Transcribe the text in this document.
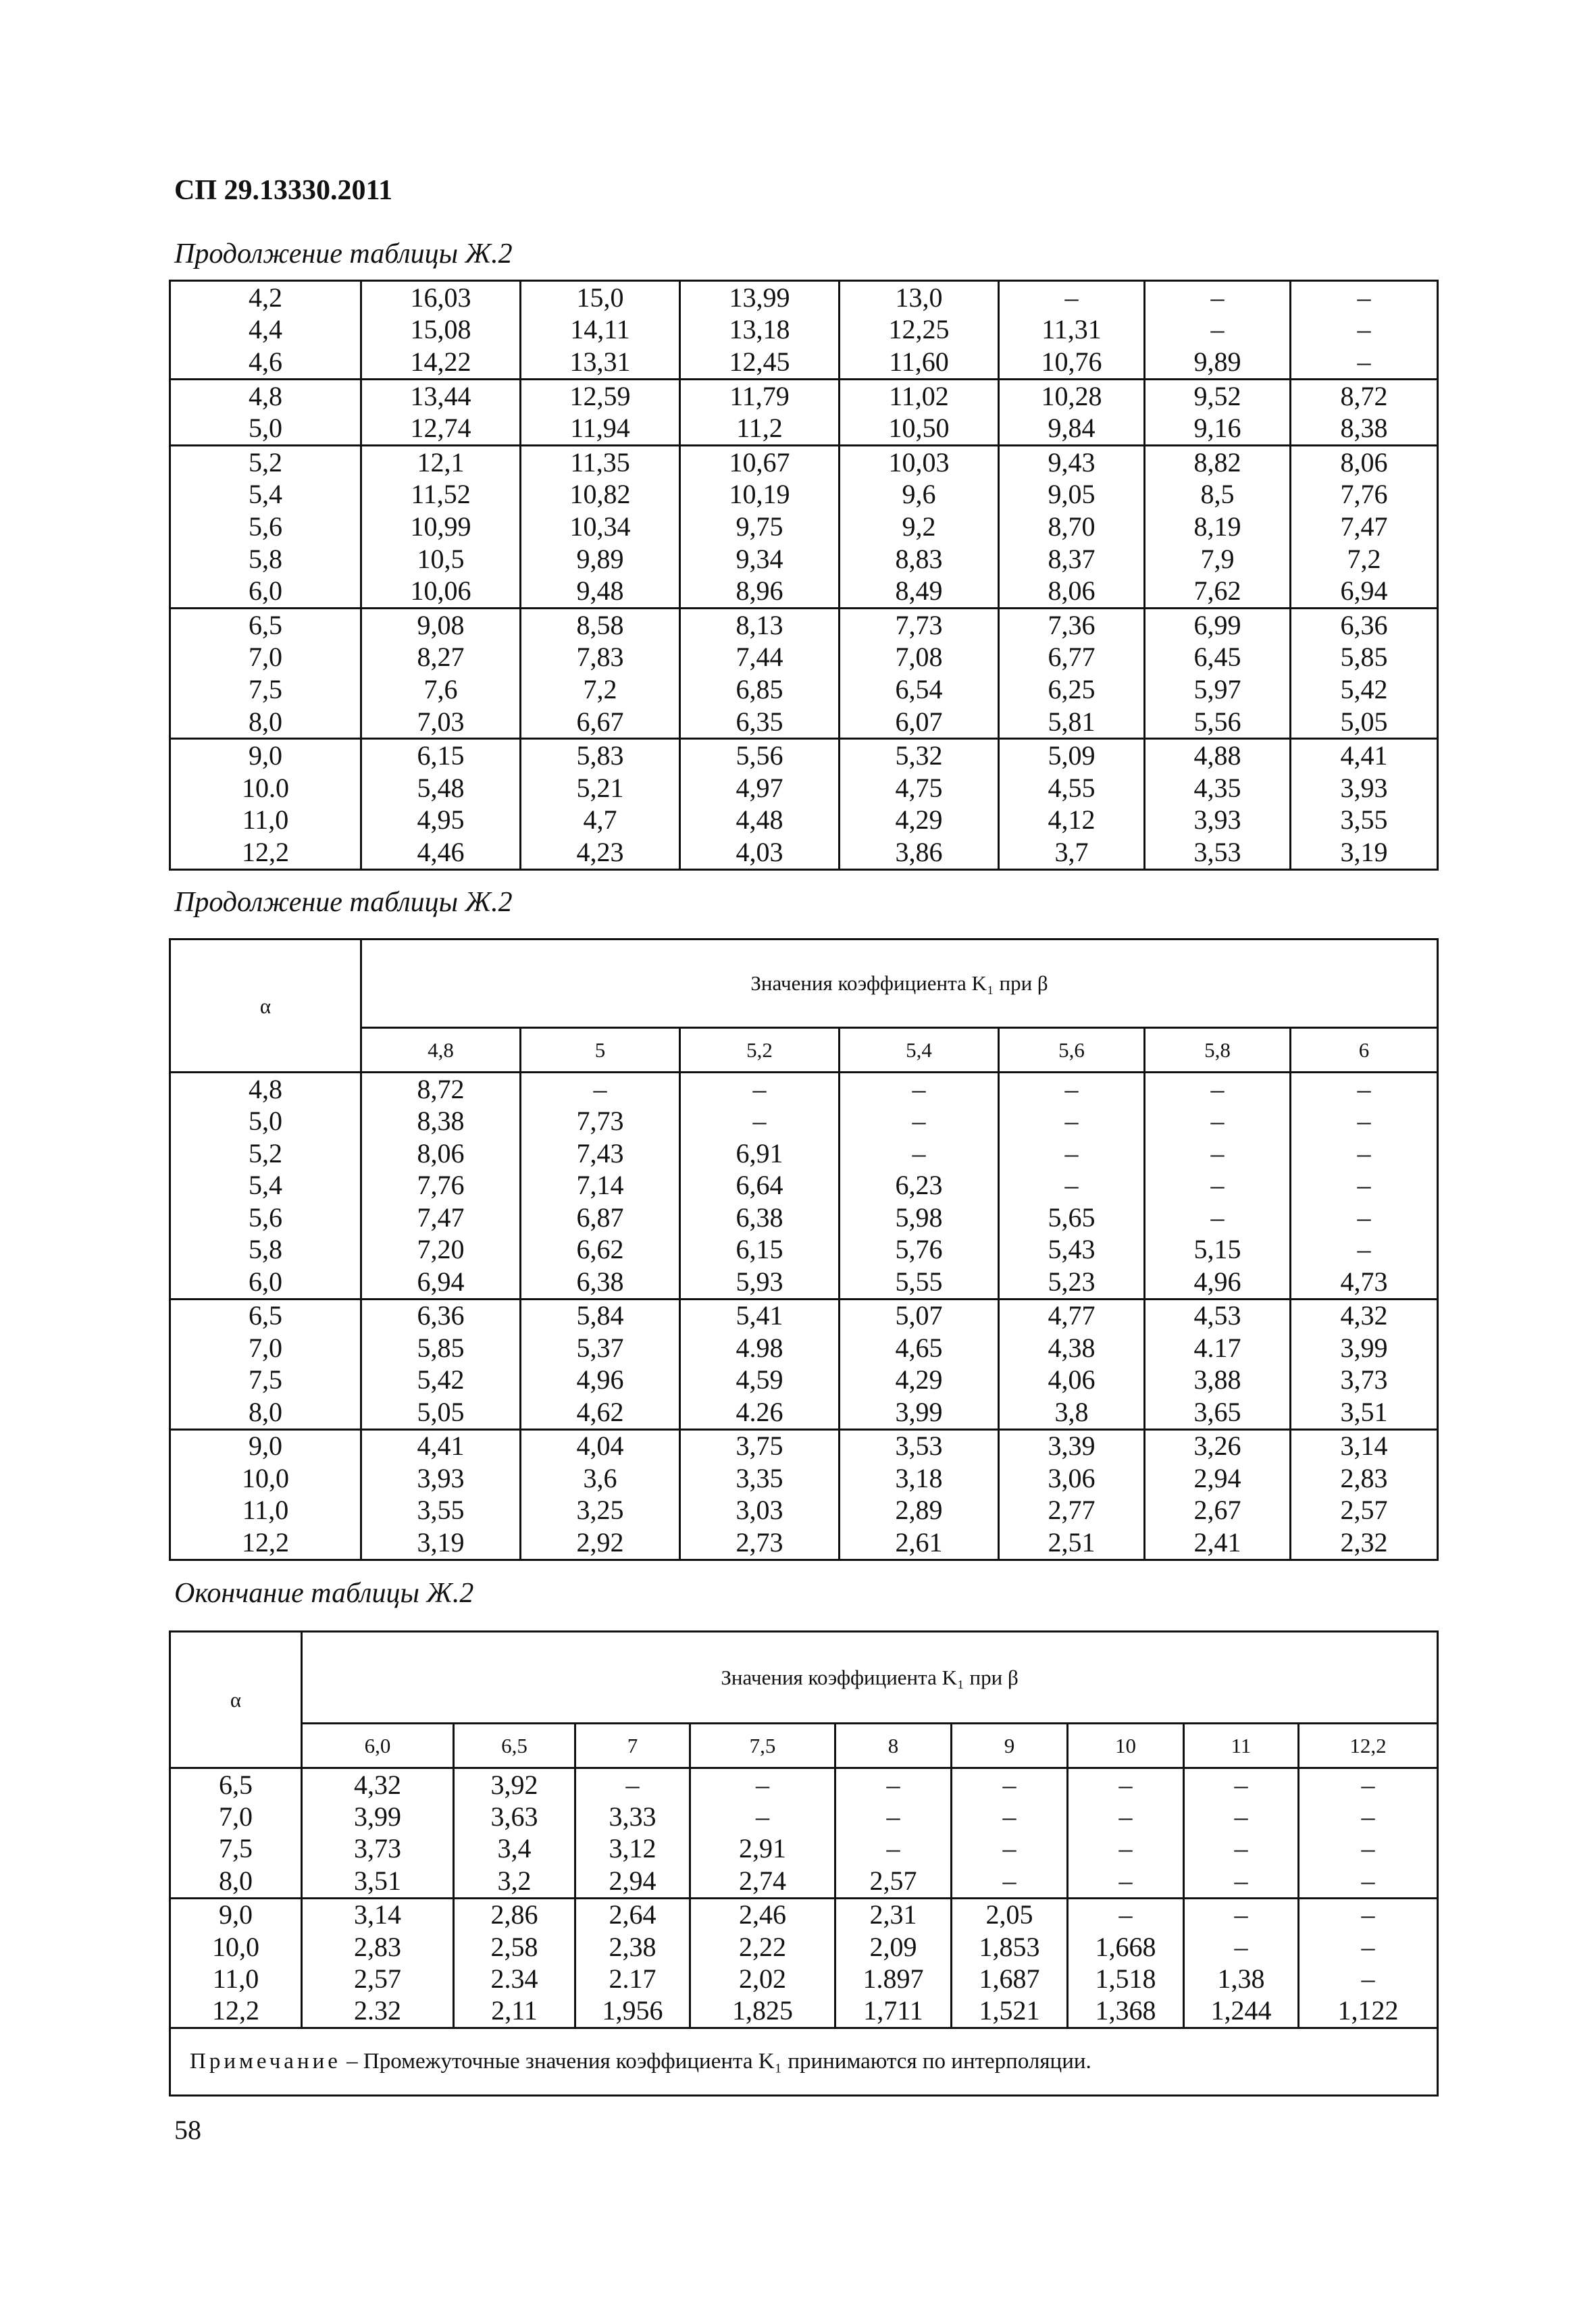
СП 29.13330.2011
Продолжение таблицы Ж.2
4,2	16,03	15,0	13,99	13,0	–	–	–
4,4	15,08	14,11	13,18	12,25	11,31	–	–
4,6	14,22	13,31	12,45	11,60	10,76	9,89	–
4,8	13,44	12,59	11,79	11,02	10,28	9,52	8,72
5,0	12,74	11,94	11,2	10,50	9,84	9,16	8,38
5,2	12,1	11,35	10,67	10,03	9,43	8,82	8,06
5,4	11,52	10,82	10,19	9,6	9,05	8,5	7,76
5,6	10,99	10,34	9,75	9,2	8,70	8,19	7,47
5,8	10,5	9,89	9,34	8,83	8,37	7,9	7,2
6,0	10,06	9,48	8,96	8,49	8,06	7,62	6,94
6,5	9,08	8,58	8,13	7,73	7,36	6,99	6,36
7,0	8,27	7,83	7,44	7,08	6,77	6,45	5,85
7,5	7,6	7,2	6,85	6,54	6,25	5,97	5,42
8,0	7,03	6,67	6,35	6,07	5,81	5,56	5,05
9,0	6,15	5,83	5,56	5,32	5,09	4,88	4,41
10.0	5,48	5,21	4,97	4,75	4,55	4,35	3,93
11,0	4,95	4,7	4,48	4,29	4,12	3,93	3,55
12,2	4,46	4,23	4,03	3,86	3,7	3,53	3,19
Продолжение таблицы Ж.2
α	Значения коэффициента K₁ при β						
	4,8	5	5,2	5,4	5,6	5,8	6
4,8	8,72	–	–	–	–	–	–
5,0	8,38	7,73	–	–	–	–	–
5,2	8,06	7,43	6,91	–	–	–	–
5,4	7,76	7,14	6,64	6,23	–	–	–
5,6	7,47	6,87	6,38	5,98	5,65	–	–
5,8	7,20	6,62	6,15	5,76	5,43	5,15	–
6,0	6,94	6,38	5,93	5,55	5,23	4,96	4,73
6,5	6,36	5,84	5,41	5,07	4,77	4,53	4,32
7,0	5,85	5,37	4.98	4,65	4,38	4.17	3,99
7,5	5,42	4,96	4,59	4,29	4,06	3,88	3,73
8,0	5,05	4,62	4.26	3,99	3,8	3,65	3,51
9,0	4,41	4,04	3,75	3,53	3,39	3,26	3,14
10,0	3,93	3,6	3,35	3,18	3,06	2,94	2,83
11,0	3,55	3,25	3,03	2,89	2,77	2,67	2,57
12,2	3,19	2,92	2,73	2,61	2,51	2,41	2,32
Окончание таблицы Ж.2
α	Значения коэффициента K₁ при β								
	6,0	6,5	7	7,5	8	9	10	11	12,2
6,5	4,32	3,92	–	–	–	–	–	–	–
7,0	3,99	3,63	3,33	–	–	–	–	–	–
7,5	3,73	3,4	3,12	2,91	–	–	–	–	–
8,0	3,51	3,2	2,94	2,74	2,57	–	–	–	–
9,0	3,14	2,86	2,64	2,46	2,31	2,05	–	–	–
10,0	2,83	2,58	2,38	2,22	2,09	1,853	1,668	–	–
11,0	2,57	2.34	2.17	2,02	1.897	1,687	1,518	1,38	–
12,2	2.32	2,11	1,956	1,825	1,711	1,521	1,368	1,244	1,122
Примечание – Промежуточные значения коэффициента K₁ принимаются по интерполяции.									
58
